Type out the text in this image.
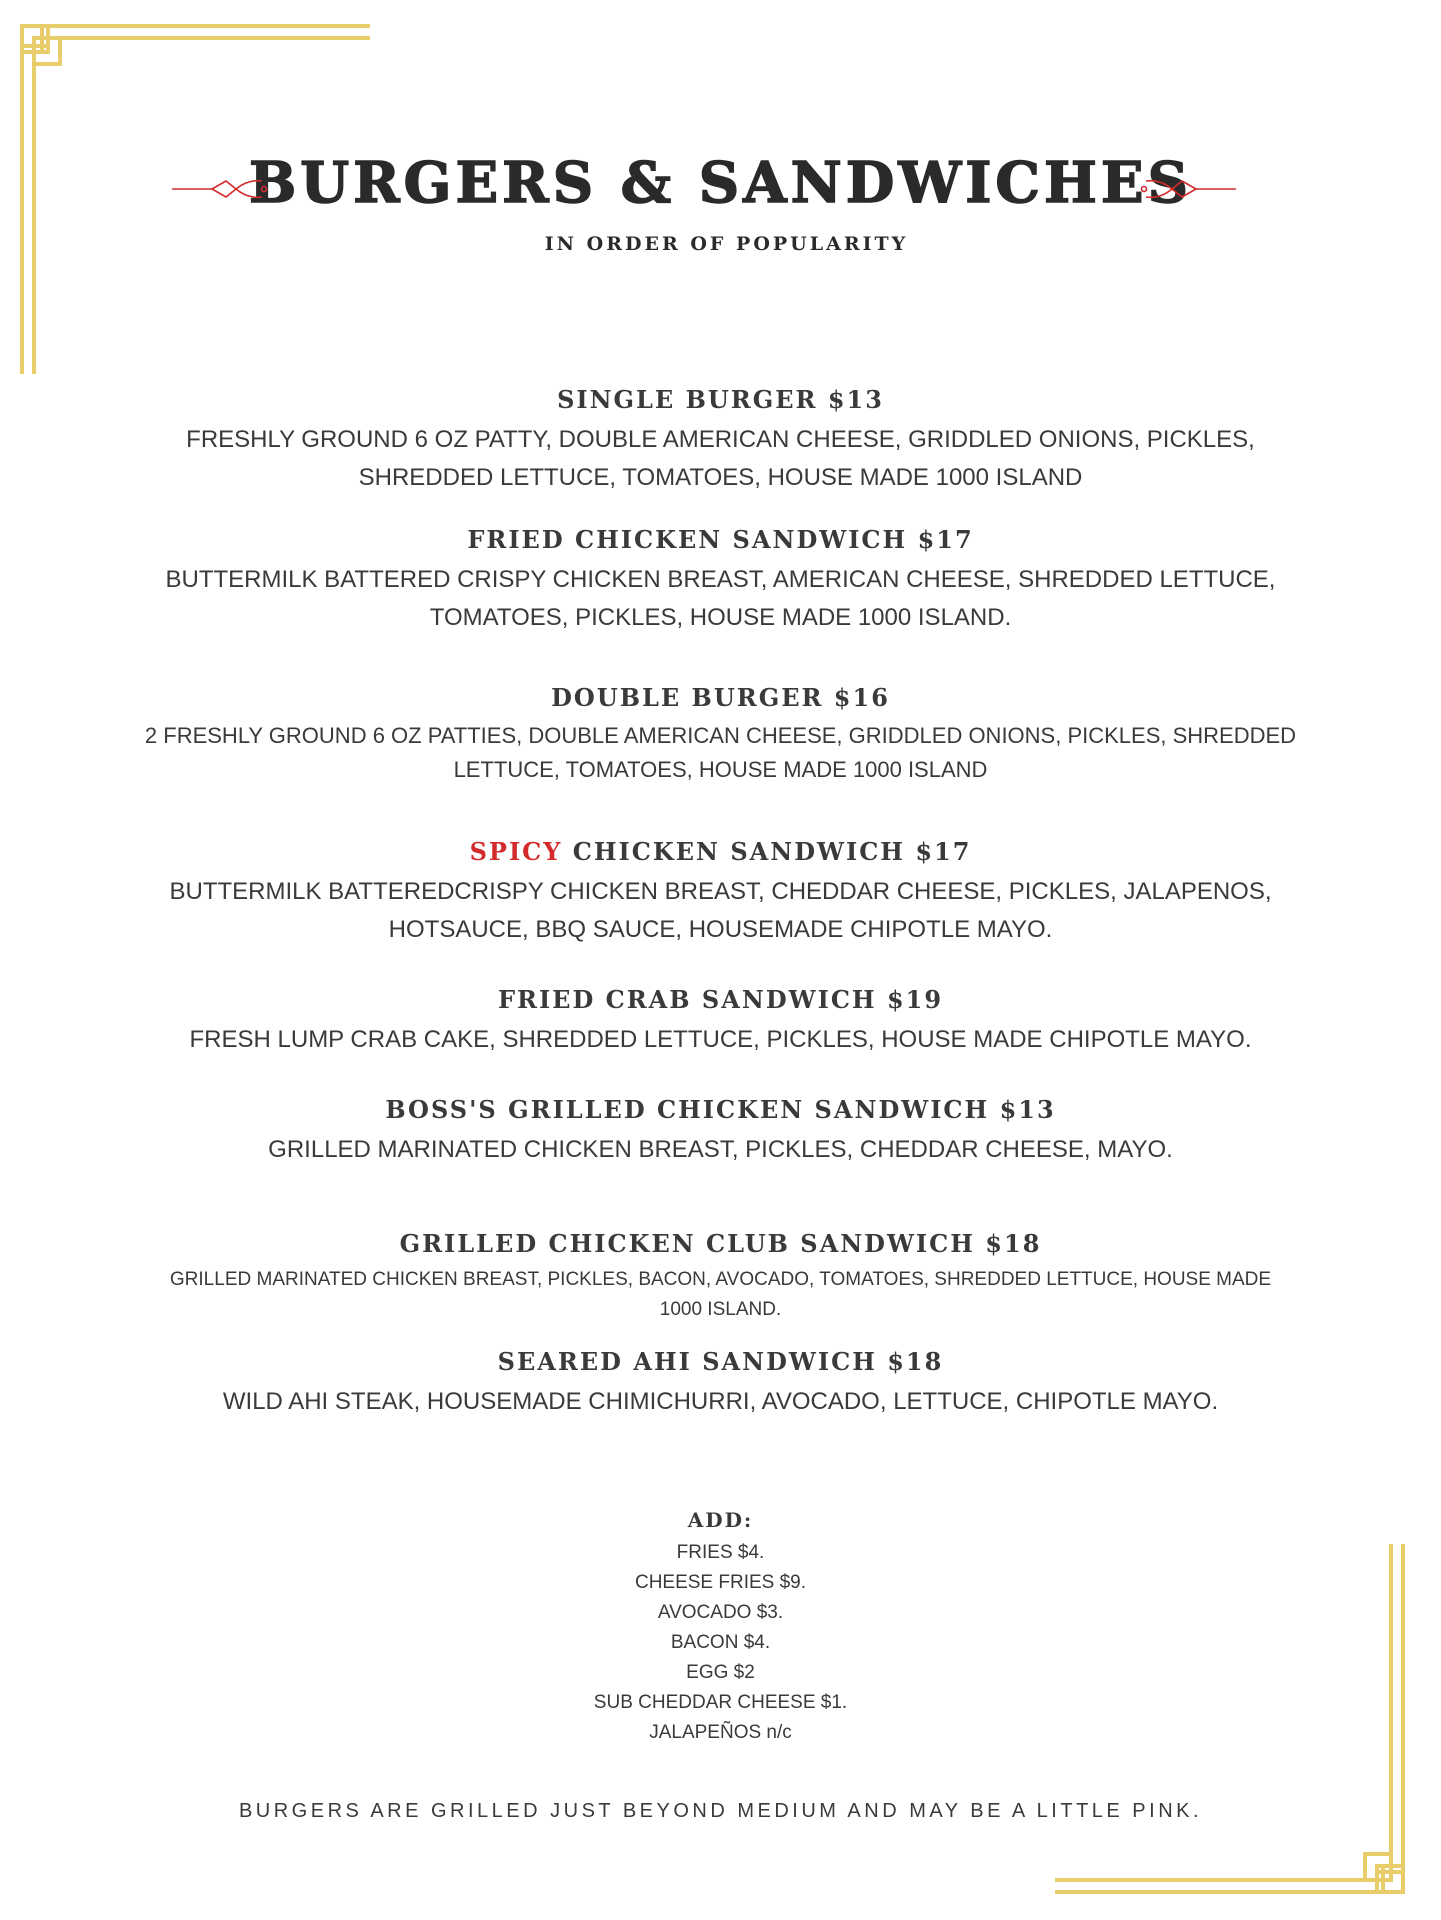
BURGERS & SANDWICHES
IN ORDER OF POPULARITY
SINGLE BURGER $13
FRESHLY GROUND 6 OZ PATTY, DOUBLE AMERICAN CHEESE, GRIDDLED ONIONS, PICKLES,
SHREDDED LETTUCE, TOMATOES, HOUSE MADE 1000 ISLAND
FRIED CHICKEN SANDWICH $17
BUTTERMILK BATTERED CRISPY CHICKEN BREAST, AMERICAN CHEESE, SHREDDED LETTUCE,
TOMATOES, PICKLES, HOUSE MADE 1000 ISLAND.
DOUBLE BURGER $16
2 FRESHLY GROUND 6 OZ PATTIES, DOUBLE AMERICAN CHEESE, GRIDDLED ONIONS, PICKLES, SHREDDED
LETTUCE, TOMATOES, HOUSE MADE 1000 ISLAND
SPICY CHICKEN SANDWICH $17
BUTTERMILK BATTEREDCRISPY CHICKEN BREAST, CHEDDAR CHEESE, PICKLES, JALAPENOS,
HOTSAUCE, BBQ SAUCE, HOUSEMADE CHIPOTLE MAYO.
FRIED CRAB SANDWICH $19
FRESH LUMP CRAB CAKE, SHREDDED LETTUCE, PICKLES, HOUSE MADE CHIPOTLE MAYO.
BOSS'S GRILLED CHICKEN SANDWICH $13
GRILLED MARINATED CHICKEN BREAST, PICKLES, CHEDDAR CHEESE, MAYO.
GRILLED CHICKEN CLUB SANDWICH $18
GRILLED MARINATED CHICKEN BREAST, PICKLES, BACON, AVOCADO, TOMATOES, SHREDDED LETTUCE, HOUSE MADE
1000 ISLAND.
SEARED AHI SANDWICH $18
WILD AHI STEAK, HOUSEMADE CHIMICHURRI, AVOCADO, LETTUCE, CHIPOTLE MAYO.
ADD:
FRIES $4.
CHEESE FRIES $9.
AVOCADO $3.
BACON $4.
EGG $2
SUB CHEDDAR CHEESE $1.
JALAPEÑOS n/c
BURGERS ARE GRILLED JUST BEYOND MEDIUM AND MAY BE A LITTLE PINK.
